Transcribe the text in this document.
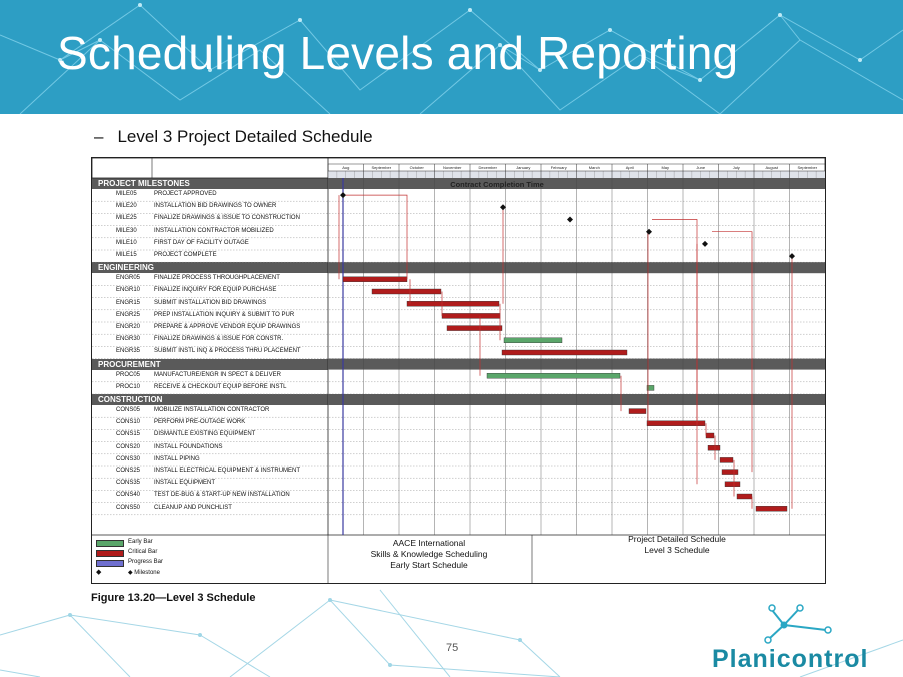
Scheduling Levels and Reporting
– Level 3 Project Detailed Schedule
PROJECT MILESTONES
MILE05	PROJECT APPROVED
MILE20	INSTALLATION BID DRAWINGS TO OWNER
MILE25	FINALIZE DRAWINGS & ISSUE TO CONSTRUCTION
MILE30	INSTALLATION CONTRACTOR MOBILIZED
MILE10	FIRST DAY OF FACILITY OUTAGE
MILE15	PROJECT COMPLETE
ENGINEERING
ENGR05	FINALIZE PROCESS THROUGHPLACEMENT
ENGR10	FINALIZE INQUIRY FOR EQUIP PURCHASE
ENGR15	SUBMIT INSTALLATION BID DRAWINGS
ENGR25	PREP INSTALLATION INQUIRY & SUBMIT TO PUR
ENGR20	PREPARE & APPROVE VENDOR EQUIP DRAWINGS
ENGR30	FINALIZE DRAWINGS & ISSUE FOR CONSTR.
ENGR35	SUBMIT INSTL INQ & PROCESS THRU PLACEMENT
PROCUREMENT
PROC05	MANUFACTURE/ENGR IN SPECT & DELIVER
PROC10	RECEIVE & CHECKOUT EQUIP BEFORE INSTL
CONSTRUCTION
CONS05	MOBILIZE INSTALLATION CONTRACTOR
CONS10	PERFORM PRE-OUTAGE WORK
CONS15	DISMANTLE EXISTING EQUIPMENT
CONS20	INSTALL FOUNDATIONS
CONS30	INSTALL PIPING
CONS25	INSTALL ELECTRICAL EQUIPMENT & INSTRUMENT
CONS35	INSTALL EQUIPMENT
CONS40	TEST DE-BUG & START-UP NEW INSTALLATION
CONS50	CLEANUP AND PUNCHLIST
Aug	September	October	November	December	January	February	March	April	May	June	July	August	September
Contract Completion Time
Early Bar
Critical Bar
Progress Bar
◆	◆ Milestone
AACE International
Skills & Knowledge Scheduling
Early Start Schedule
Project Detailed Schedule
Level 3 Schedule
Figure 13.20—Level 3 Schedule
75	Planicontrol
